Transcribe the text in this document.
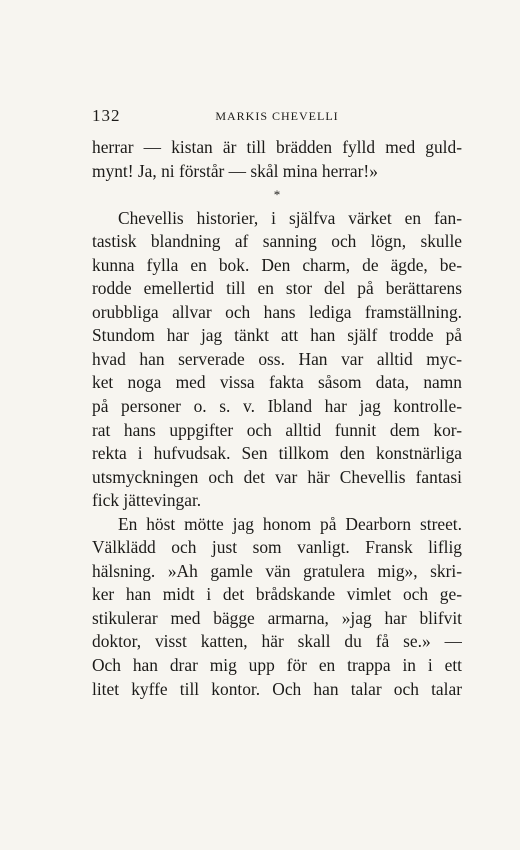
132	MARKIS CHEVELLI
herrar — kistan är till brädden fylld med guld-
mynt! Ja, ni förstår — skål mina herrar!»
*
Chevellis historier, i själfva värket en fan-
tastisk blandning af sanning och lögn, skulle
kunna fylla en bok. Den charm, de ägde, be-
rodde emellertid till en stor del på berättarens
orubbliga allvar och hans lediga framställning.
Stundom har jag tänkt att han själf trodde på
hvad han serverade oss. Han var alltid myc-
ket noga med vissa fakta såsom data, namn
på personer o. s. v. Ibland har jag kontrolle-
rat hans uppgifter och alltid funnit dem kor-
rekta i hufvudsak. Sen tillkom den konstnärliga
utsmyckningen och det var här Chevellis fantasi
fick jättevingar.
En höst mötte jag honom på Dearborn street.
Välklädd och just som vanligt. Fransk liflig
hälsning. »Ah gamle vän gratulera mig», skri-
ker han midt i det brådskande vimlet och ge-
stikulerar med bägge armarna, »jag har blifvit
doktor, visst katten, här skall du få se.» —
Och han drar mig upp för en trappa in i ett
litet kyffe till kontor. Och han talar och talar
